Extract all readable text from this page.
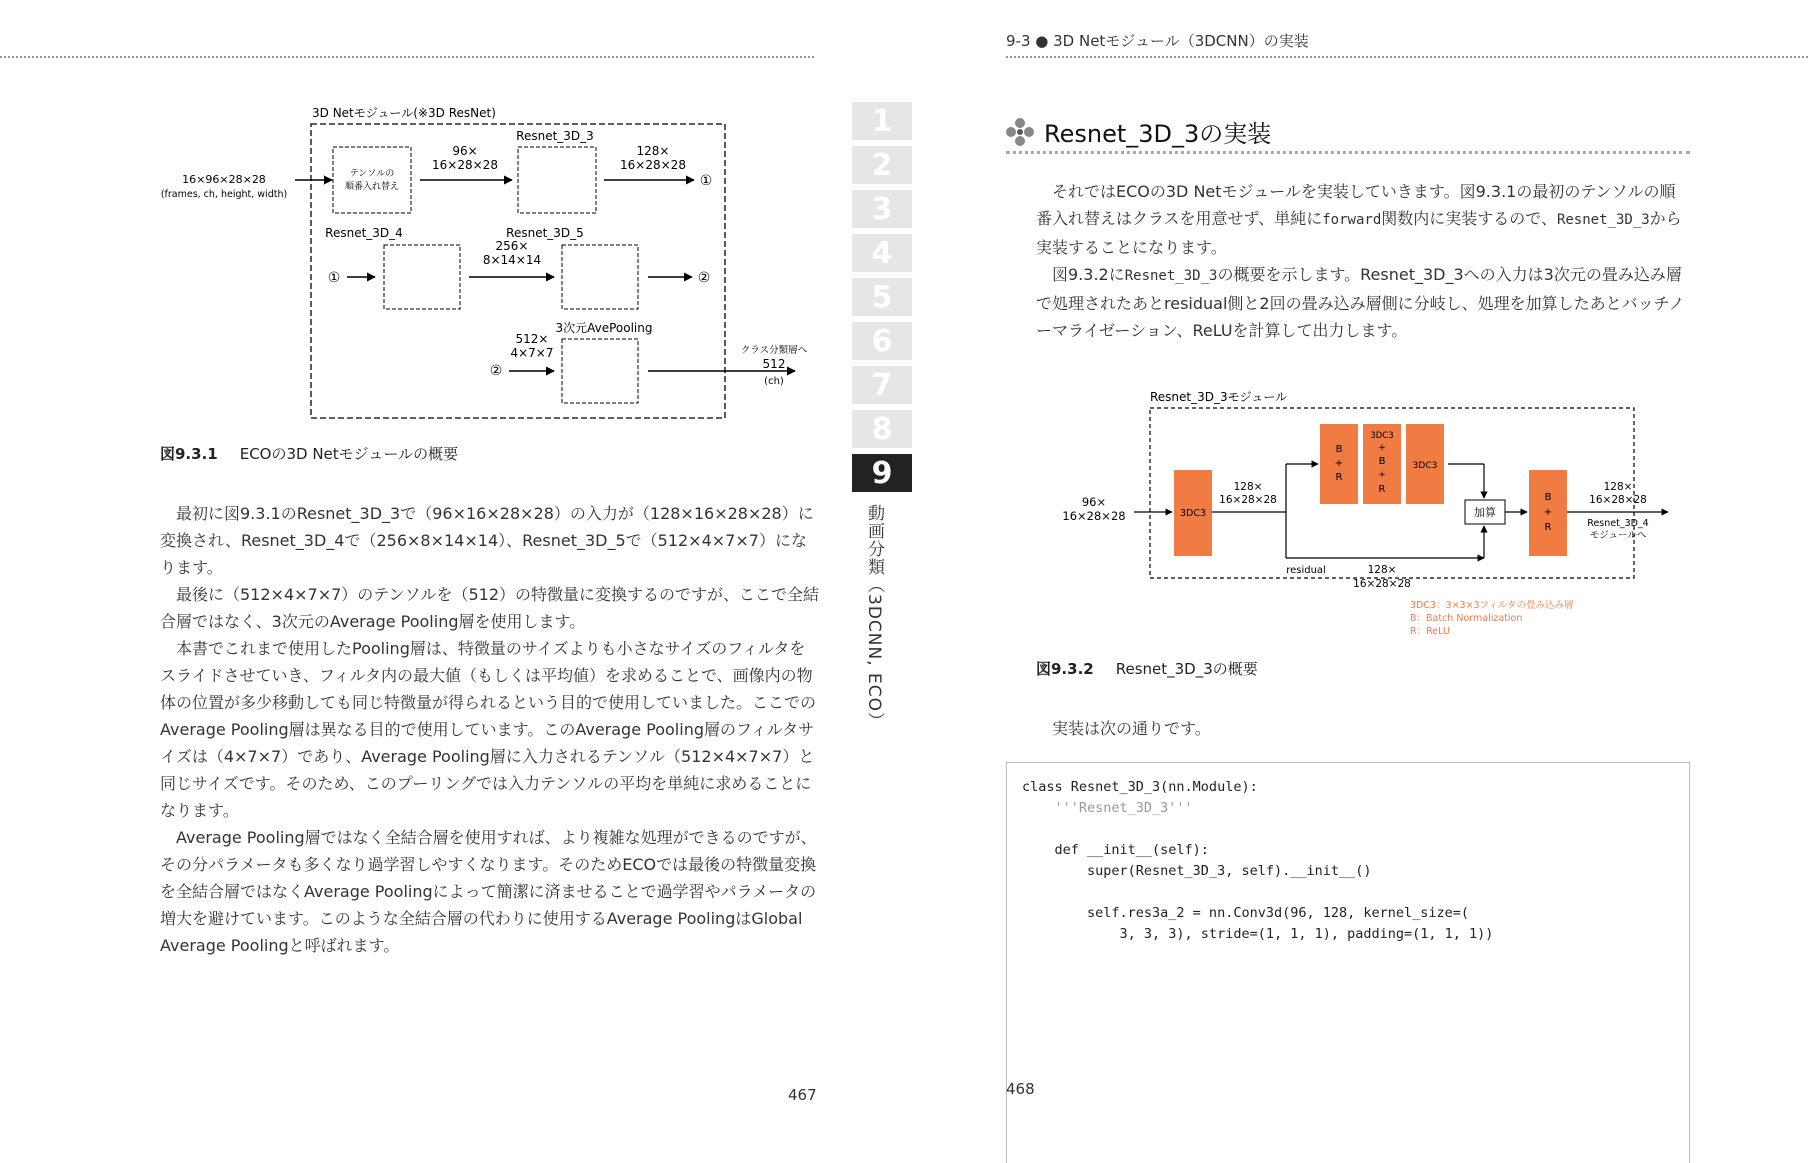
9-3 ● 3D Netモジュール（3DCNN）の実装
3D Netモジュール(※3D ResNet)
16×96×28×28
(frames, ch, height, width)
テンソルの
順番入れ替え
96×
16×28×28
Resnet_3D_3
128×
16×28×28
①
Resnet_3D_4	Resnet_3D_5
①
256×
8×14×14
②
3次元AvePooling
512×
4×7×7
②
クラス分類層へ
512
(ch)
図9.3.1 ECOの3D Netモジュールの概要

最初に図9.3.1のResnet_3D_3で（96×16×28×28）の入力が（128×16×28×28）に変換され、Resnet_3D_4で（256×8×14×14）、Resnet_3D_5で（512×4×7×7）になります。

最後に（512×4×7×7）のテンソルを（512）の特徴量に変換するのですが、ここで全結合層ではなく、3次元のAverage Pooling層を使用します。

本書でこれまで使用したPooling層は、特徴量のサイズよりも小さなサイズのフィルタをスライドさせていき、フィルタ内の最大値（もしくは平均値）を求めることで、画像内の物体の位置が多少移動しても同じ特徴量が得られるという目的で使用していました。ここでのAverage Pooling層は異なる目的で使用しています。このAverage Pooling層のフィルタサイズは（4×7×7）であり、Average Pooling層に入力されるテンソル（512×4×7×7）と同じサイズです。そのため、このプーリングでは入力テンソルの平均を単純に求めることになります。

Average Pooling層ではなく全結合層を使用すれば、より複雑な処理ができるのですが、その分パラメータも多くなり過学習しやすくなります。そのためECOでは最後の特徴量変換を全結合層ではなくAverage Poolingによって簡潔に済ませることで過学習やパラメータの増大を避けています。このような全結合層の代わりに使用するAverage PoolingはGlobal Average Poolingと呼ばれます。

467
1
2
3
4
5
6
7
8
9
動画分類（3DCNN, ECO）
Resnet_3D_3の実装

それではECOの3D Netモジュールを実装していきます。図9.3.1の最初のテンソルの順番入れ替えはクラスを用意せず、単純にforward関数内に実装するので、Resnet_3D_3から実装することになります。

図9.3.2にResnet_3D_3の概要を示します。Resnet_3D_3への入力は3次元の畳み込み層で処理されたあとresidual側と2回の畳み込み層側に分岐し、処理を加算したあとバッチノーマライゼーション、ReLUを計算して出力します。

Resnet_3D_3モジュール
96×
16×28×28	3DC3
128×
16×28×28
B
+
R
3DC3
+
B
+
R
3DC3
加算
residual	128×
16×28×28
B
+
R
128×
16×28×28
Resnet_3D_4
モジュールへ
3DC3：3×3×3フィルタの畳み込み層
B：Batch Normalization
R：ReLU
図9.3.2 Resnet_3D_3の概要

実装は次の通りです。

class Resnet_3D_3(nn.Module):
'''Resnet_3D_3'''

def __init__(self):
super(Resnet_3D_3, self).__init__()

self.res3a_2 = nn.Conv3d(96, 128, kernel_size=(
3, 3, 3), stride=(1, 1, 1), padding=(1, 1, 1))
468
